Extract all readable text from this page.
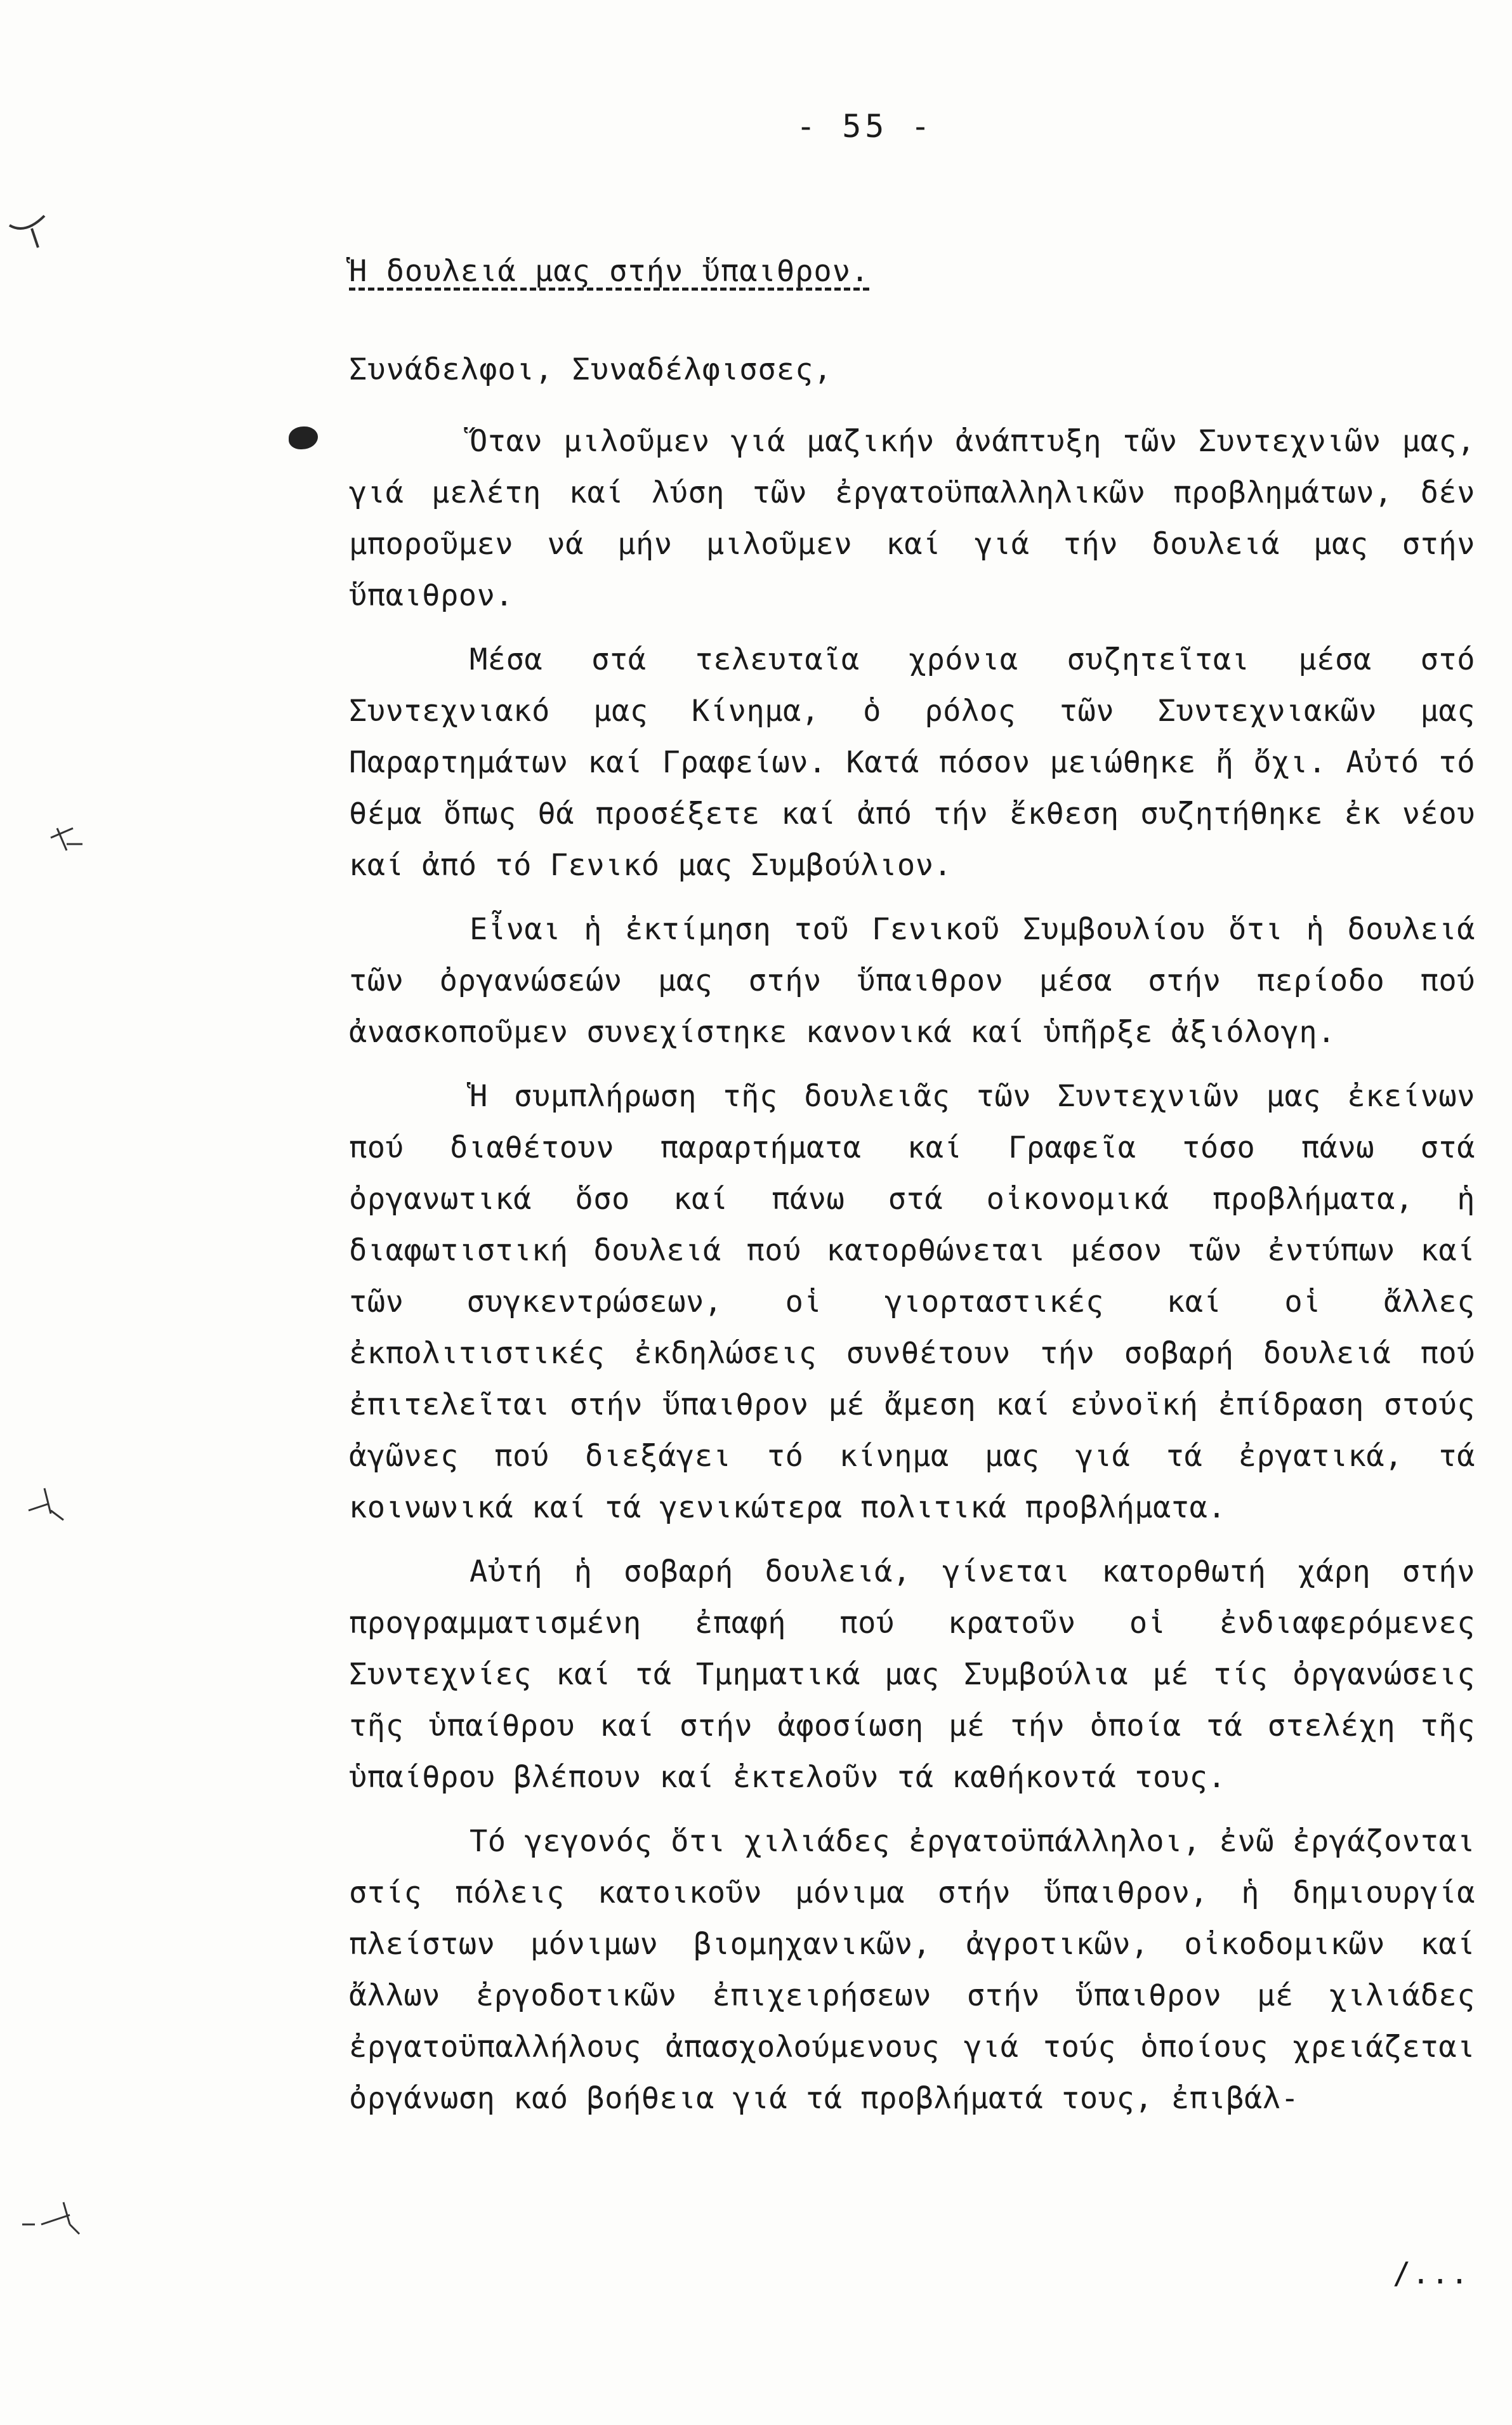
- 55 -
Ἡ δουλειά μας στήν ὕπαιθρον.
Συνάδελφοι, Συναδέλφισσες,

Ὅταν μιλοῦμεν γιά μαζικήν ἀνάπτυξη τῶν Συντεχνιῶν μας, γιά μελέτη καί λύση τῶν ἐργατοϋπαλληλικῶν προβλημάτων, δέν μποροῦμεν νά μήν μιλοῦμεν καί γιά τήν δουλειά μας στήν ὕπαιθρον.

Μέσα στά τελευταῖα χρόνια συζητεῖται μέσα στό Συντεχνιακό μας Κίνημα, ὁ ρόλος τῶν Συντεχνιακῶν μας Παραρτημάτων καί Γραφείων. Κατά πόσον μειώθηκε ἤ ὄχι. Αὐτό τό θέμα ὅπως θά προσέξετε καί ἀπό τήν ἔκθεση συζητήθηκε ἐκ νέου καί ἀπό τό Γενικό μας Συμβούλιον.

Εἶναι ἡ ἐκτίμηση τοῦ Γενικοῦ Συμβουλίου ὅτι ἡ δουλειά τῶν ὀργανώσεών μας στήν ὕπαιθρον μέσα στήν περίοδο πού ἀνασκοποῦμεν συνεχίστηκε κανονικά καί ὑπῆρξε ἀξιόλογη.

Ἡ συμπλήρωση τῆς δουλειᾶς τῶν Συντεχνιῶν μας ἐκείνων πού διαθέτουν παραρτήματα καί Γραφεῖα τόσο πάνω στά ὀργανωτικά ὅσο καί πάνω στά οἰκονομικά προβλήματα, ἡ διαφωτιστική δουλειά πού κατορθώνεται μέσον τῶν ἐντύπων καί τῶν συγκεντρώσεων, οἱ γιορταστικές καί οἱ ἄλλες ἐκπολιτιστικές ἐκδηλώσεις συνθέτουν τήν σοβαρή δουλειά πού ἐπιτελεῖται στήν ὕπαιθρον μέ ἄμεση καί εὐνοϊκή ἐπίδραση στούς ἀγῶνες πού διεξάγει τό κίνημα μας γιά τά ἐργατικά, τά κοινωνικά καί τά γενικώτερα πολιτικά προβλήματα.

Αὐτή ἡ σοβαρή δουλειά, γίνεται κατορθωτή χάρη στήν προγραμματισμένη ἐπαφή πού κρατοῦν οἱ ἐνδιαφερόμενες Συντεχνίες καί τά Τμηματικά μας Συμβούλια μέ τίς ὀργανώσεις τῆς ὑπαίθρου καί στήν ἀφοσίωση μέ τήν ὁποία τά στελέχη τῆς ὑπαίθρου βλέπουν καί ἐκτελοῦν τά καθήκοντά τους.

Τό γεγονός ὅτι χιλιάδες ἐργατοϋπάλληλοι, ἐνῶ ἐργάζονται στίς πόλεις κατοικοῦν μόνιμα στήν ὕπαιθρον, ἡ δημιουργία πλείστων μόνιμων βιομηχανικῶν, ἀγροτικῶν, οἰκοδομικῶν καί ἄλλων ἐργοδοτικῶν ἐπιχειρήσεων στήν ὕπαιθρον μέ χιλιάδες ἐργατοϋπαλλήλους ἀπασχολούμενους γιά τούς ὁποίους χρειάζεται ὀργάνωση καό βοήθεια γιά τά προβλήματά τους, ἐπιβάλ-

/...
